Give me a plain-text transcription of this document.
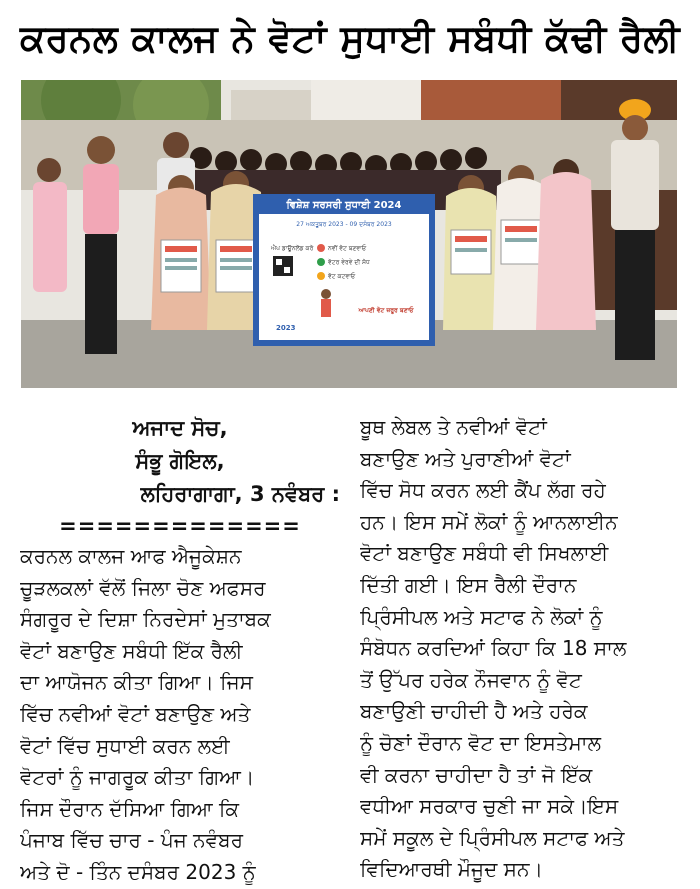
ਕਰਨਲ ਕਾਲਜ ਨੇ ਵੋਟਾਂ ਸੁਧਾਈ ਸਬੰਧੀ ਕੱਢੀ ਰੈਲੀ
ਵਿਸ਼ੇਸ਼ ਸਰਸਰੀ ਸੁਧਾਈ 2024
27 ਅਕਤੂਬਰ 2023 - 09 ਦਸੰਬਰ 2023
ਐਪ ਡਾਊਨਲੋਡ ਕਰੋ ਨਵੀਂ ਵੋਟ ਬਣਵਾਓ
ਵੋਟਰ ਵੇਰਵੇ ਦੀ ਸੋਧ
ਵੋਟ ਕਟਵਾਓ
ਆਪਣੀ ਵੋਟ ਜ਼ਰੂਰ ਬਣਾਓ
2023
ਅਜਾਦ ਸੋਚ,
ਸੰਭੂ ਗੋਇਲ,
ਲਹਿਰਾਗਾਗਾ, 3 ਨਵੰਬਰ :
=============
ਕਰਨਲ ਕਾਲਜ ਆਫ ਐਜੂਕੇਸ਼ਨ
ਚੂੜਲਕਲਾਂ ਵੱਲੋਂ ਜਿਲਾ ਚੋਣ ਅਫਸਰ
ਸੰਗਰੂਰ ਦੇ ਦਿਸ਼ਾ ਨਿਰਦੇਸਾਂ ਮੁਤਾਬਕ
ਵੋਟਾਂ ਬਣਾਉਣ ਸਬੰਧੀ ਇੱਕ ਰੈਲੀ
ਦਾ ਆਯੋਜਨ ਕੀਤਾ ਗਿਆ। ਜਿਸ
ਵਿੱਚ ਨਵੀਆਂ ਵੋਟਾਂ ਬਣਾਉਣ ਅਤੇ
ਵੋਟਾਂ ਵਿੱਚ ਸੁਧਾਈ ਕਰਨ ਲਈ
ਵੋਟਰਾਂ ਨੂੰ ਜਾਗਰੂਕ ਕੀਤਾ ਗਿਆ।
ਜਿਸ ਦੌਰਾਨ ਦੱਸਿਆ ਗਿਆ ਕਿ
ਪੰਜਾਬ ਵਿੱਚ ਚਾਰ - ਪੰਜ ਨਵੰਬਰ
ਅਤੇ ਦੋ - ਤਿੰਨ ਦਸੰਬਰ 2023 ਨੂੰ
ਬੂਥ ਲੇਬਲ ਤੇ ਨਵੀਆਂ ਵੋਟਾਂ
ਬਣਾਉਣ ਅਤੇ ਪੁਰਾਣੀਆਂ ਵੋਟਾਂ
ਵਿੱਚ ਸੋਧ ਕਰਨ ਲਈ ਕੈਂਪ ਲੱਗ ਰਹੇ
ਹਨ। ਇਸ ਸਮੇਂ ਲੋਕਾਂ ਨੂੰ ਆਨਲਾਈਨ
ਵੋਟਾਂ ਬਣਾਉਣ ਸਬੰਧੀ ਵੀ ਸਿਖਲਾਈ
ਦਿੱਤੀ ਗਈ। ਇਸ ਰੈਲੀ ਦੌਰਾਨ
ਪ੍ਰਿੰਸੀਪਲ ਅਤੇ ਸਟਾਫ ਨੇ ਲੋਕਾਂ ਨੂੰ
ਸੰਬੋਧਨ ਕਰਦਿਆਂ ਕਿਹਾ ਕਿ 18 ਸਾਲ
ਤੋਂ ਉੱਪਰ ਹਰੇਕ ਨੌਜਵਾਨ ਨੂੰ ਵੋਟ
ਬਣਾਉਣੀ ਚਾਹੀਦੀ ਹੈ ਅਤੇ ਹਰੇਕ
ਨੂੰ ਚੋਣਾਂ ਦੌਰਾਨ ਵੋਟ ਦਾ ਇਸਤੇਮਾਲ
ਵੀ ਕਰਨਾ ਚਾਹੀਦਾ ਹੈ ਤਾਂ ਜੋ ਇੱਕ
ਵਧੀਆ ਸਰਕਾਰ ਚੁਣੀ ਜਾ ਸਕੇ।ਇਸ
ਸਮੇਂ ਸਕੂਲ ਦੇ ਪ੍ਰਿੰਸੀਪਲ ਸਟਾਫ ਅਤੇ
ਵਿਦਿਆਰਥੀ ਮੌਜੂਦ ਸਨ।
